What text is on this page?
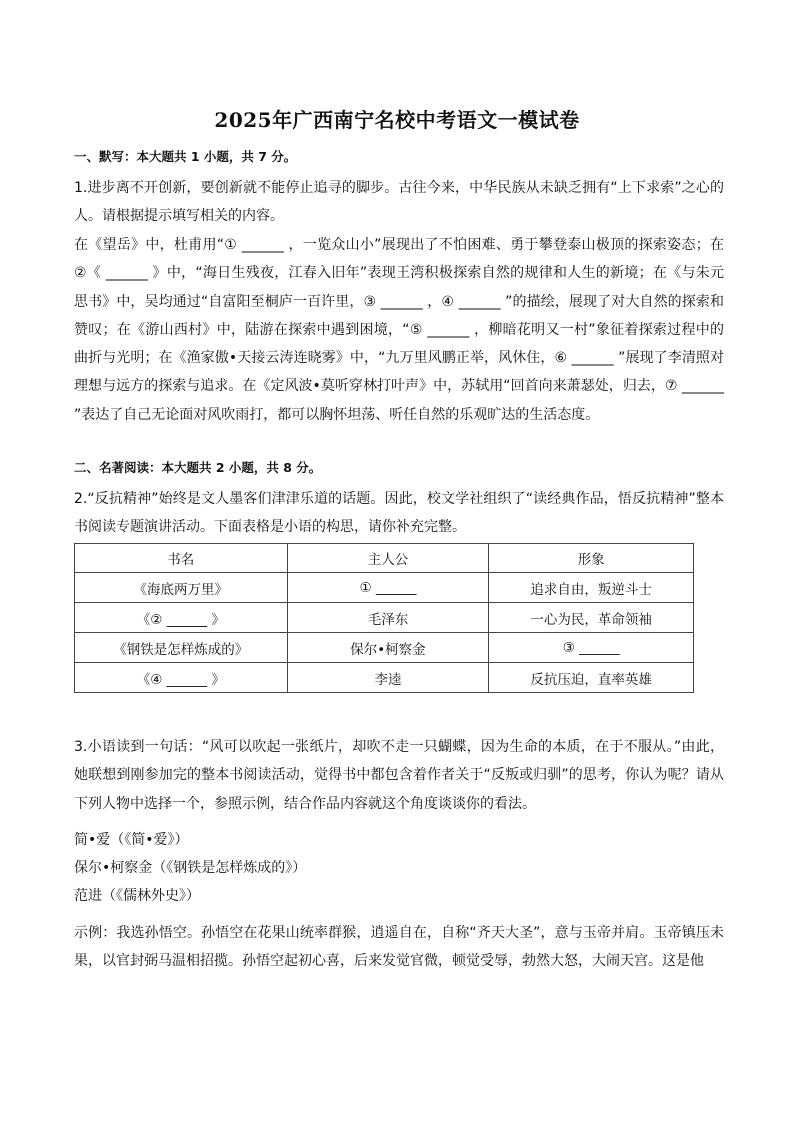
2025年广西南宁名校中考语文一模试卷
一、默写：本大题共 1 小题，共 7 分。
1.进步离不开创新，要创新就不能停止追寻的脚步。古往今来，中华民族从未缺乏拥有“上下求索”之心的人。请根据提示填写相关的内容。
在《望岳》中，杜甫用“① ______ ，一览众山小”展现出了不怕困难、勇于攀登泰山极顶的探索姿态；在②《 ______ 》中，“海日生残夜，江春入旧年”表现王湾积极探索自然的规律和人生的新境；在《与朱元思书》中，吴均通过“自富阳至桐庐一百许里，③ ______ ，④ ______ ”的描绘，展现了对大自然的探索和赞叹；在《游山西村》中，陆游在探索中遇到困境，“⑤ ______ ，柳暗花明又一村”象征着探索过程中的曲折与光明；在《渔家傲•天接云涛连晓雾》中，“九万里风鹏正举，风休住，⑥ ______ ”展现了李清照对理想与远方的探索与追求。在《定风波•莫听穿林打叶声》中，苏轼用“回首向来萧瑟处，归去，⑦ ______ ”表达了自己无论面对风吹雨打，都可以胸怀坦荡、听任自然的乐观旷达的生活态度。
二、名著阅读：本大题共 2 小题，共 8 分。
2.“反抗精神”始终是文人墨客们津津乐道的话题。因此，校文学社组织了“读经典作品，悟反抗精神”整本书阅读专题演讲活动。下面表格是小语的构思，请你补充完整。
书名	主人公	形象
《海底两万里》	① ______	追求自由，叛逆斗士
《② ______ 》	毛泽东	一心为民，革命领袖
《钢铁是怎样炼成的》	保尔•柯察金	③ ______
《④ ______ 》	李逵	反抗压迫，直率英雄
3.小语读到一句话：“风可以吹起一张纸片，却吹不走一只蝴蝶，因为生命的本质，在于不服从。”由此，她联想到刚参加完的整本书阅读活动，觉得书中都包含着作者关于“反叛或归驯”的思考，你认为呢？请从下列人物中选择一个，参照示例，结合作品内容就这个角度谈谈你的看法。
简•爱（《简•爱》）
保尔•柯察金（《钢铁是怎样炼成的》）
范进（《儒林外史》）
示例：我选孙悟空。孙悟空在花果山统率群猴，逍遥自在，自称“齐天大圣”，意与玉帝并肩。玉帝镇压未果，以官封弼马温相招揽。孙悟空起初心喜，后来发觉官微，顿觉受辱，勃然大怒，大闹天宫。这是他
